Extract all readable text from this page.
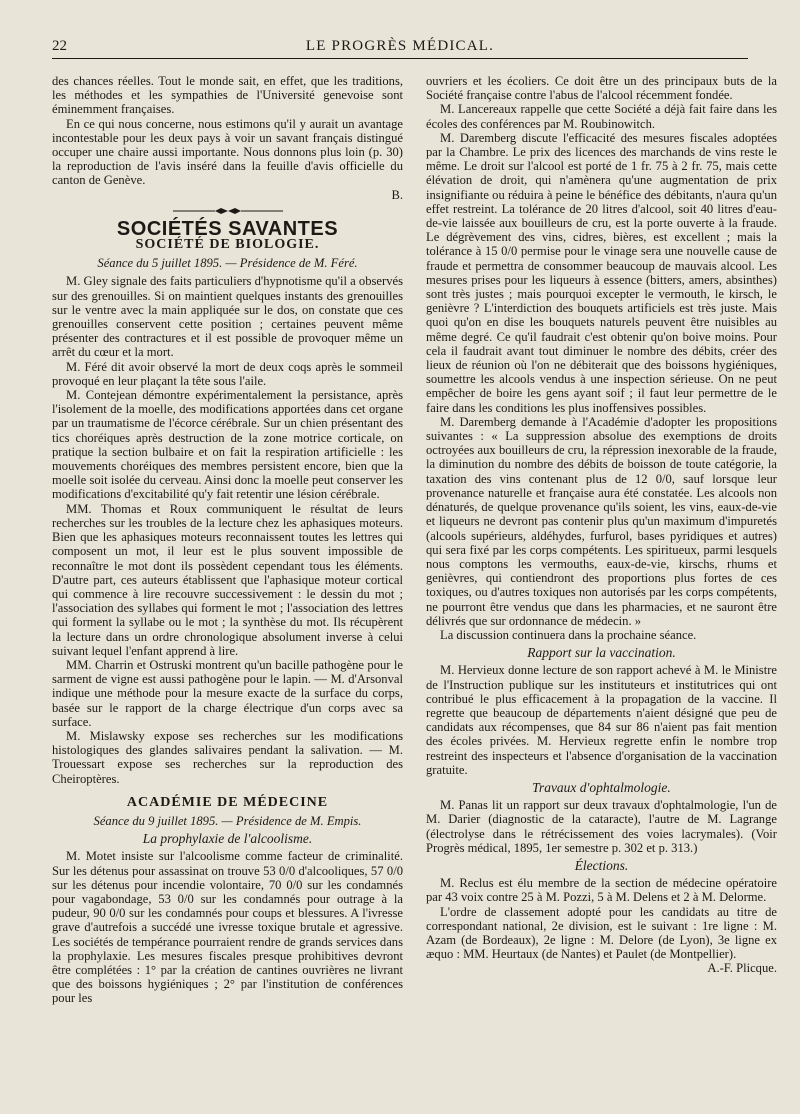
22	LE PROGRÈS MÉDICAL.

des chances réelles. Tout le monde sait, en effet, que les traditions, les méthodes et les sympathies de l'Université genevoise sont éminemment françaises.

En ce qui nous concerne, nous estimons qu'il y aurait un avantage incontestable pour les deux pays à voir un savant français distingué occuper une chaire aussi importante. Nous donnons plus loin (p. 30) la reproduction de l'avis inséré dans la feuille d'avis officielle du canton de Genève.

B.

SOCIÉTÉS SAVANTES
SOCIÉTÉ DE BIOLOGIE.
Séance du 5 juillet 1895. — Présidence de M. Féré.

M. Gley signale des faits particuliers d'hypnotisme qu'il a observés sur des grenouilles. Si on maintient quelques instants des grenouilles sur le ventre avec la main appliquée sur le dos, on constate que ces grenouilles conservent cette position ; certaines peuvent même présenter des contractures et il est possible de provoquer même un arrêt du cœur et la mort.

M. Féré dit avoir observé la mort de deux coqs après le sommeil provoqué en leur plaçant la tête sous l'aile.

M. Contejean démontre expérimentalement la persistance, après l'isolement de la moelle, des modifications apportées dans cet organe par un traumatisme de l'écorce cérébrale. Sur un chien présentant des tics choréiques après destruction de la zone motrice corticale, on pratique la section bulbaire et on fait la respiration artificielle : les mouvements choréiques des membres persistent encore, bien que la moelle soit isolée du cerveau. Ainsi donc la moelle peut conserver les modifications d'excitabilité qu'y fait retentir une lésion cérébrale.

MM. Thomas et Roux communiquent le résultat de leurs recherches sur les troubles de la lecture chez les aphasiques moteurs. Bien que les aphasiques moteurs reconnaissent toutes les lettres qui composent un mot, il leur est le plus souvent impossible de reconnaître le mot dont ils possèdent cependant tous les éléments. D'autre part, ces auteurs établissent que l'aphasique moteur cortical qui commence à lire recouvre successivement : le dessin du mot ; l'association des syllabes qui forment le mot ; l'association des lettres qui forment la syllabe ou le mot ; la synthèse du mot. Ils récupèrent la lecture dans un ordre chronologique absolument inverse à celui suivant lequel l'enfant apprend à lire.

MM. Charrin et Ostruski montrent qu'un bacille pathogène pour le sarment de vigne est aussi pathogène pour le lapin. — M. d'Arsonval indique une méthode pour la mesure exacte de la surface du corps, basée sur le rapport de la charge électrique d'un corps avec sa surface.

M. Mislawsky expose ses recherches sur les modifications histologiques des glandes salivaires pendant la salivation. — M. Trouessart expose ses recherches sur la reproduction des Cheiroptères.

ACADÉMIE DE MÉDECINE
Séance du 9 juillet 1895. — Présidence de M. Empis.
La prophylaxie de l'alcoolisme.

M. Motet insiste sur l'alcoolisme comme facteur de criminalité. Sur les détenus pour assassinat on trouve 53 0/0 d'alcooliques, 57 0/0 sur les détenus pour incendie volontaire, 70 0/0 sur les condamnés pour vagabondage, 53 0/0 sur les condamnés pour outrage à la pudeur, 90 0/0 sur les condamnés pour coups et blessures. A l'ivresse grave d'autrefois a succédé une ivresse toxique brutale et agressive. Les sociétés de tempérance pourraient rendre de grands services dans la prophylaxie. Les mesures fiscales presque prohibitives devront être complétées : 1° par la création de cantines ouvrières ne livrant que des boissons hygiéniques ; 2° par l'institution de conférences pour les

ouvriers et les écoliers. Ce doit être un des principaux buts de la Société française contre l'abus de l'alcool récemment fondée.

M. Lancereaux rappelle que cette Société a déjà fait faire dans les écoles des conférences par M. Roubinowitch.

M. Daremberg discute l'efficacité des mesures fiscales adoptées par la Chambre. Le prix des licences des marchands de vins reste le même. Le droit sur l'alcool est porté de 1 fr. 75 à 2 fr. 75, mais cette élévation de droit, qui n'amènera qu'une augmentation de prix insignifiante ou réduira à peine le bénéfice des débitants, n'aura qu'un effet restreint. La tolérance de 20 litres d'alcool, soit 40 litres d'eau-de-vie laissée aux bouilleurs de cru, est la porte ouverte à la fraude. Le dégrèvement des vins, cidres, bières, est excellent ; mais la tolérance à 15 0/0 permise pour le vinage sera une nouvelle cause de fraude et permettra de consommer beaucoup de mauvais alcool. Les mesures prises pour les liqueurs à essence (bitters, amers, absinthes) sont très justes ; mais pourquoi excepter le vermouth, le kirsch, le genièvre ? L'interdiction des bouquets artificiels est très juste. Mais quoi qu'on en dise les bouquets naturels peuvent être nuisibles au même degré. Ce qu'il faudrait c'est obtenir qu'on boive moins. Pour cela il faudrait avant tout diminuer le nombre des débits, créer des lieux de réunion où l'on ne débiterait que des boissons hygiéniques, soumettre les alcools vendus à une inspection sérieuse. On ne peut empêcher de boire les gens ayant soif ; il faut leur permettre de le faire dans les conditions les plus inoffensives possibles.

M. Daremberg demande à l'Académie d'adopter les propositions suivantes : « La suppression absolue des exemptions de droits octroyées aux bouilleurs de cru, la répression inexorable de la fraude, la diminution du nombre des débits de boisson de toute catégorie, la taxation des vins contenant plus de 12 0/0, sauf lorsque leur provenance naturelle et française aura été constatée. Les alcools non dénaturés, de quelque provenance qu'ils soient, les vins, eaux-de-vie et liqueurs ne devront pas contenir plus qu'un maximum d'impuretés (alcools supérieurs, aldéhydes, furfurol, bases pyridiques et autres) qui sera fixé par les corps compétents. Les spiritueux, parmi lesquels nous comptons les vermouths, eaux-de-vie, kirschs, rhums et genièvres, qui contiendront des proportions plus fortes de ces toxiques, ou d'autres toxiques non autorisés par les corps compétents, ne pourront être vendus que dans les pharmacies, et ne sauront être délivrés que sur ordonnance de médecin. »

La discussion continuera dans la prochaine séance.

Rapport sur la vaccination.

M. Hervieux donne lecture de son rapport achevé à M. le Ministre de l'Instruction publique sur les instituteurs et institutrices qui ont contribué le plus efficacement à la propagation de la vaccine. Il regrette que beaucoup de départements n'aient désigné que peu de candidats aux récompenses, que 84 sur 86 n'aient pas fait mention des écoles privées. M. Hervieux regrette enfin le nombre trop restreint des inspecteurs et l'absence d'organisation de la vaccination gratuite.

Travaux d'ophtalmologie.

M. Panas lit un rapport sur deux travaux d'ophtalmologie, l'un de M. Darier (diagnostic de la cataracte), l'autre de M. Lagrange (électrolyse dans le rétrécissement des voies lacrymales). (Voir Progrès médical, 1895, 1er semestre p. 302 et p. 313.)

Élections.

M. Reclus est élu membre de la section de médecine opératoire par 43 voix contre 25 à M. Pozzi, 5 à M. Delens et 2 à M. Delorme.

L'ordre de classement adopté pour les candidats au titre de correspondant national, 2e division, est le suivant : 1re ligne : M. Azam (de Bordeaux), 2e ligne : M. Delore (de Lyon), 3e ligne ex æquo : MM. Heurtaux (de Nantes) et Paulet (de Montpellier).

A.-F. Plicque.
